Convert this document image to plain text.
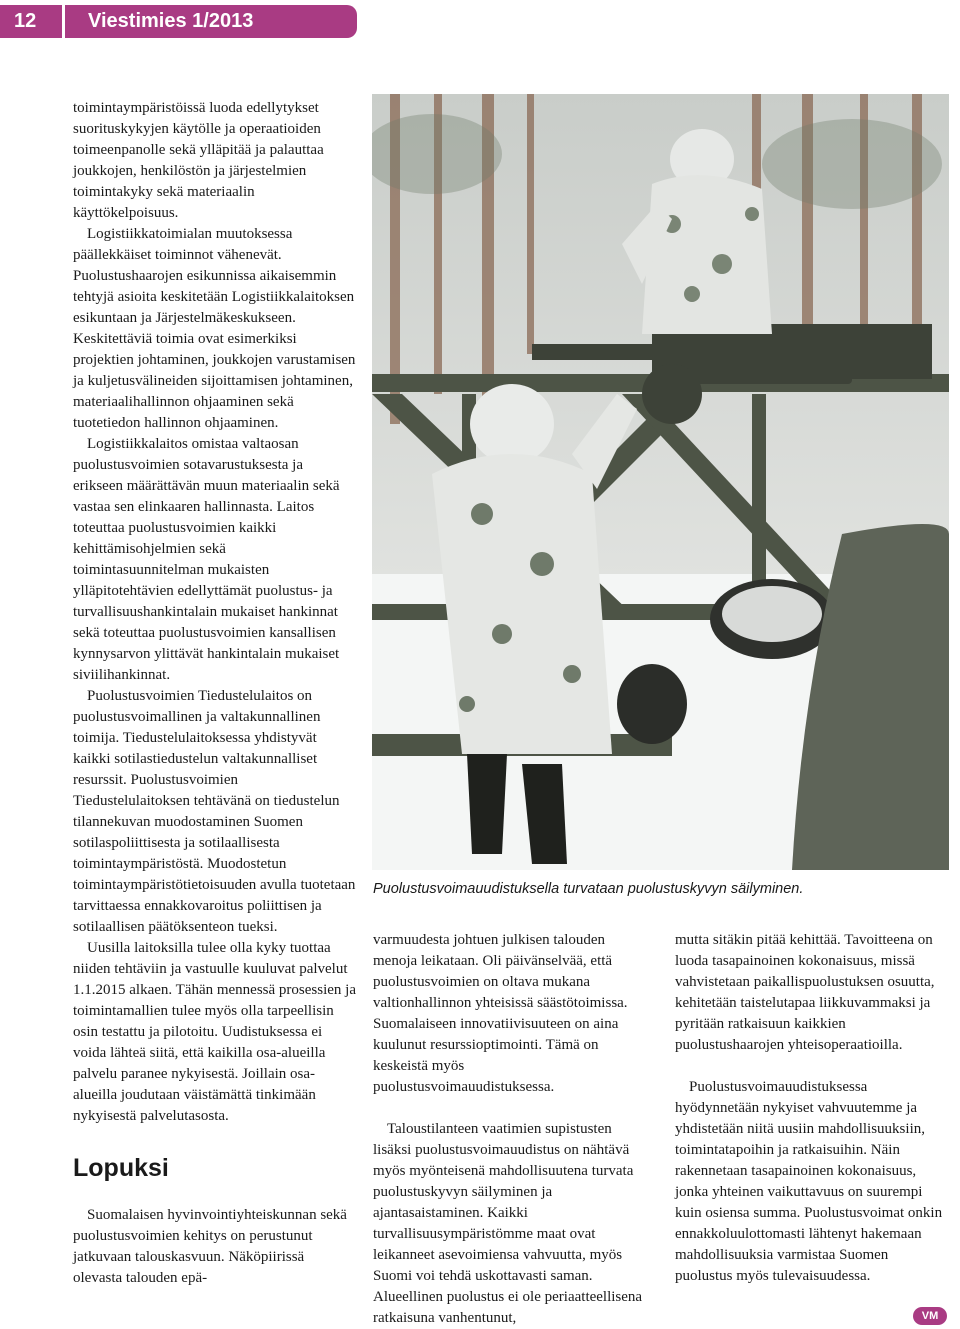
12	Viestimies 1/2013

toimintaympäristöissä luoda edellytykset suorituskykyjen käytölle ja operaatioiden toimeenpanolle sekä ylläpitää ja palauttaa joukkojen, henkilöstön ja järjestelmien toimintakyky sekä materiaalin käyttökelpoisuus.

Logistiikkatoimialan muutoksessa päällekkäiset toiminnot vähenevät. Puolustushaarojen esikunnissa aikaisemmin tehtyjä asioita keskitetään Logistiikkalaitoksen esikuntaan ja Järjestelmäkeskukseen. Keskitettäviä toimia ovat esimerkiksi projektien johtaminen, joukkojen varustamisen ja kuljetusvälineiden sijoittamisen johtaminen, materiaalihallinnon ohjaaminen sekä tuotetiedon hallinnon ohjaaminen.

Logistiikkalaitos omistaa valtaosan puolustusvoimien sotavarustuksesta ja erikseen määrättävän muun materiaalin sekä vastaa sen elinkaaren hallinnasta. Laitos toteuttaa puolustusvoimien kaikki kehittämisohjelmien sekä toimintasuunnitelman mukaisten ylläpitotehtävien edellyttämät puolustus- ja turvallisuushankintalain mukaiset hankinnat sekä toteuttaa puolustusvoimien kansallisen kynnysarvon ylittävät hankintalain mukaiset siviilihankinnat.

Puolustusvoimien Tiedustelulaitos on puolustusvoimallinen ja valtakunnallinen toimija. Tiedustelulaitoksessa yhdistyvät kaikki sotilastiedustelun valtakunnalliset resurssit. Puolustusvoimien Tiedustelulaitoksen tehtävänä on tiedustelun tilannekuvan muodostaminen Suomen sotilaspoliittisesta ja sotilaallisesta toimintaympäristöstä. Muodostetun toimintaympäristötietoisuuden avulla tuotetaan tarvittaessa ennakkovaroitus poliittisen ja sotilaallisen päätöksenteon tueksi.

Uusilla laitoksilla tulee olla kyky tuottaa niiden tehtäviin ja vastuulle kuuluvat palvelut 1.1.2015 alkaen. Tähän mennessä prosessien ja toimintamallien tulee myös olla tarpeellisin osin testattu ja pilotoitu. Uudistuksessa ei voida lähteä siitä, että kaikilla osa-alueilla palvelu paranee nykyisestä. Joillain osa-alueilla joudutaan väistämättä tinkimään nykyisestä palvelutasosta.

Lopuksi

Suomalaisen hyvinvointiyhteiskunnan sekä puolustusvoimien kehitys on perustunut jatkuvaan talouskasvuun. Näköpiirissä olevasta talouden epä-

Puolustusvoimauudistuksella turvataan puolustuskyvyn säilyminen.

varmuudesta johtuen julkisen talouden menoja leikataan. Oli päivänselvää, että puolustusvoimien on oltava mukana valtionhallinnon yhteisissä säästötoimissa. Suomalaiseen innovatiivisuuteen on aina kuulunut resurssioptimointi. Tämä on keskeistä myös puolustusvoimauudistuksessa.

Taloustilanteen vaatimien supistusten lisäksi puolustusvoimauudistus on nähtävä myös myönteisenä mahdollisuutena turvata puolustuskyvyn säilyminen ja ajantasaistaminen. Kaikki turvallisuusympäristömme maat ovat leikanneet asevoimiensa vahvuutta, myös Suomi voi tehdä uskottavasti saman. Alueellinen puolustus ei ole periaatteellisena ratkaisuna vanhentunut,

mutta sitäkin pitää kehittää. Tavoitteena on luoda tasapainoinen kokonaisuus, missä vahvistetaan paikallispuolustuksen osuutta, kehitetään taistelutapaa liikkuvammaksi ja pyritään ratkaisuun kaikkien puolustushaarojen yhteisoperaatioilla.

Puolustusvoimauudistuksessa hyödynnetään nykyiset vahvuutemme ja yhdistetään niitä uusiin mahdollisuuksiin, toimintatapoihin ja ratkaisuihin. Näin rakennetaan tasapainoinen kokonaisuus, jonka yhteinen vaikuttavuus on suurempi kuin osiensa summa. Puolustusvoimat onkin ennakkoluulottomasti lähtenyt hakemaan mahdollisuuksia varmistaa Suomen puolustus myös tulevaisuudessa.

VM
